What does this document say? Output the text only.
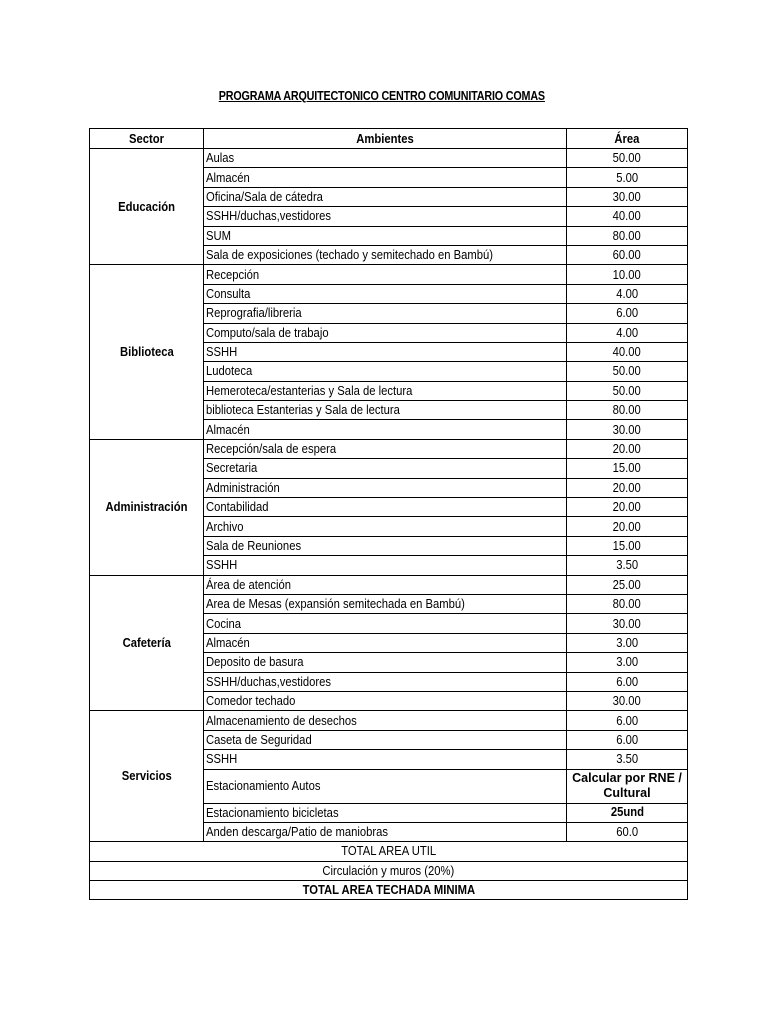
PROGRAMA ARQUITECTONICO CENTRO COMUNITARIO COMAS
Sector	Ambientes	Área
Educación	Aulas	50.00
	Almacén	5.00
	Oficina/Sala de cátedra	30.00
	SSHH/duchas,vestidores	40.00
	SUM	80.00
	Sala de exposiciones (techado y semitechado en Bambú)	60.00
Biblioteca	Recepción	10.00
	Consulta	4.00
	Reprografia/libreria	6.00
	Computo/sala de trabajo	4.00
	SSHH	40.00
	Ludoteca	50.00
	Hemeroteca/estanterias y Sala de lectura	50.00
	biblioteca Estanterias y Sala de lectura	80.00
	Almacén	30.00
Administración	Recepción/sala de espera	20.00
	Secretaria	15.00
	Administración	20.00
	Contabilidad	20.00
	Archivo	20.00
	Sala de Reuniones	15.00
	SSHH	3.50
Cafetería	Área de atención	25.00
	Area de Mesas (expansión semitechada en Bambú)	80.00
	Cocina	30.00
	Almacén	3.00
	Deposito de basura	3.00
	SSHH/duchas,vestidores	6.00
	Comedor techado	30.00
Servicios	Almacenamiento de desechos	6.00
	Caseta de Seguridad	6.00
	SSHH	3.50
	Estacionamiento Autos	Calcular por RNE / Cultural
	Estacionamiento bicicletas	25und
	Anden descarga/Patio de maniobras	60.0
TOTAL AREA UTIL		
Circulación y muros (20%)		
TOTAL AREA TECHADA MINIMA		
